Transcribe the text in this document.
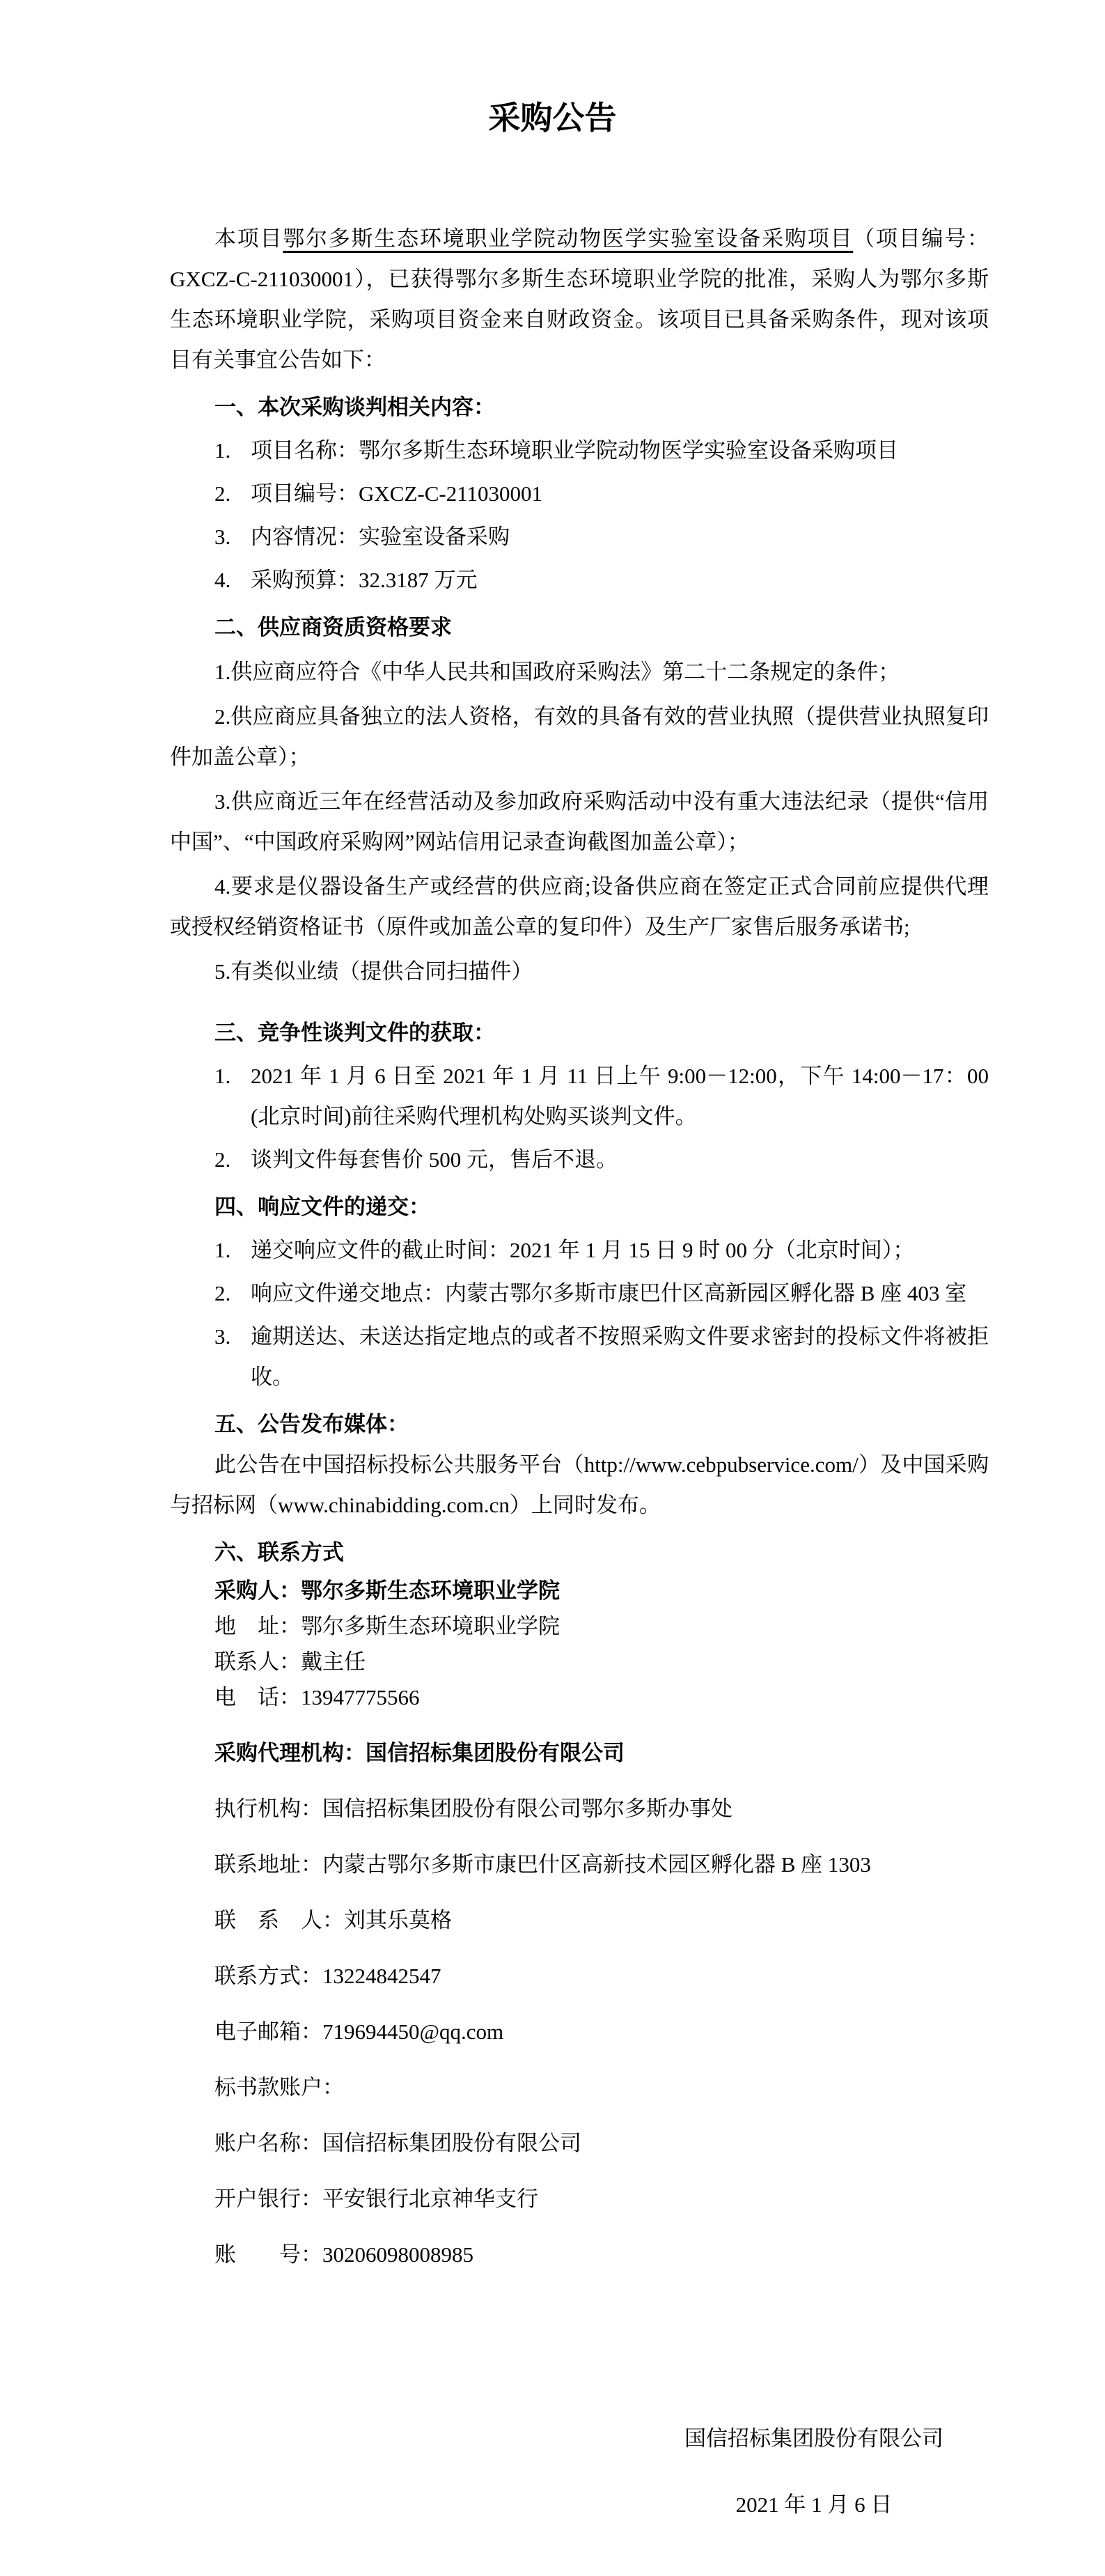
采购公告

本项目鄂尔多斯生态环境职业学院动物医学实验室设备采购项目（项目编号：GXCZ-C-211030001），已获得鄂尔多斯生态环境职业学院的批准，采购人为鄂尔多斯生态环境职业学院，采购项目资金来自财政资金。该项目已具备采购条件，现对该项目有关事宜公告如下：

一、本次采购谈判相关内容：

1. 项目名称：鄂尔多斯生态环境职业学院动物医学实验室设备采购项目
2. 项目编号：GXCZ-C-211030001
3. 内容情况：实验室设备采购
4. 采购预算：32.3187 万元

二、供应商资质资格要求

1.供应商应符合《中华人民共和国政府采购法》第二十二条规定的条件；

2.供应商应具备独立的法人资格，有效的具备有效的营业执照（提供营业执照复印件加盖公章）；

3.供应商近三年在经营活动及参加政府采购活动中没有重大违法纪录（提供“信用中国”、“中国政府采购网”网站信用记录查询截图加盖公章）；

4.要求是仪器设备生产或经营的供应商;设备供应商在签定正式合同前应提供代理或授权经销资格证书（原件或加盖公章的复印件）及生产厂家售后服务承诺书;

5.有类似业绩（提供合同扫描件）

三、竞争性谈判文件的获取：

1. 2021 年 1 月 6 日至 2021 年 1 月 11 日上午 9:00－12:00，下午 14:00－17：00 (北京时间)前往采购代理机构处购买谈判文件。
2. 谈判文件每套售价 500 元，售后不退。

四、响应文件的递交：

1. 递交响应文件的截止时间：2021 年 1 月 15 日 9 时 00 分（北京时间）；
2. 响应文件递交地点：内蒙古鄂尔多斯市康巴什区高新园区孵化器 B 座 403 室
3. 逾期送达、未送达指定地点的或者不按照采购文件要求密封的投标文件将被拒收。

五、公告发布媒体：

此公告在中国招标投标公共服务平台（http://www.cebpubservice.com/）及中国采购与招标网（www.chinabidding.com.cn）上同时发布。

六、联系方式

采购人：鄂尔多斯生态环境职业学院

地　址：鄂尔多斯生态环境职业学院

联系人：戴主任

电　话：13947775566

采购代理机构：国信招标集团股份有限公司

执行机构：国信招标集团股份有限公司鄂尔多斯办事处

联系地址：内蒙古鄂尔多斯市康巴什区高新技术园区孵化器 B 座 1303

联　系　人：刘其乐莫格

联系方式：13224842547

电子邮箱：719694450@qq.com

标书款账户：

账户名称：国信招标集团股份有限公司

开户银行：平安银行北京神华支行

账　　号：30206098008985

国信招标集团股份有限公司

2021 年 1 月 6 日
